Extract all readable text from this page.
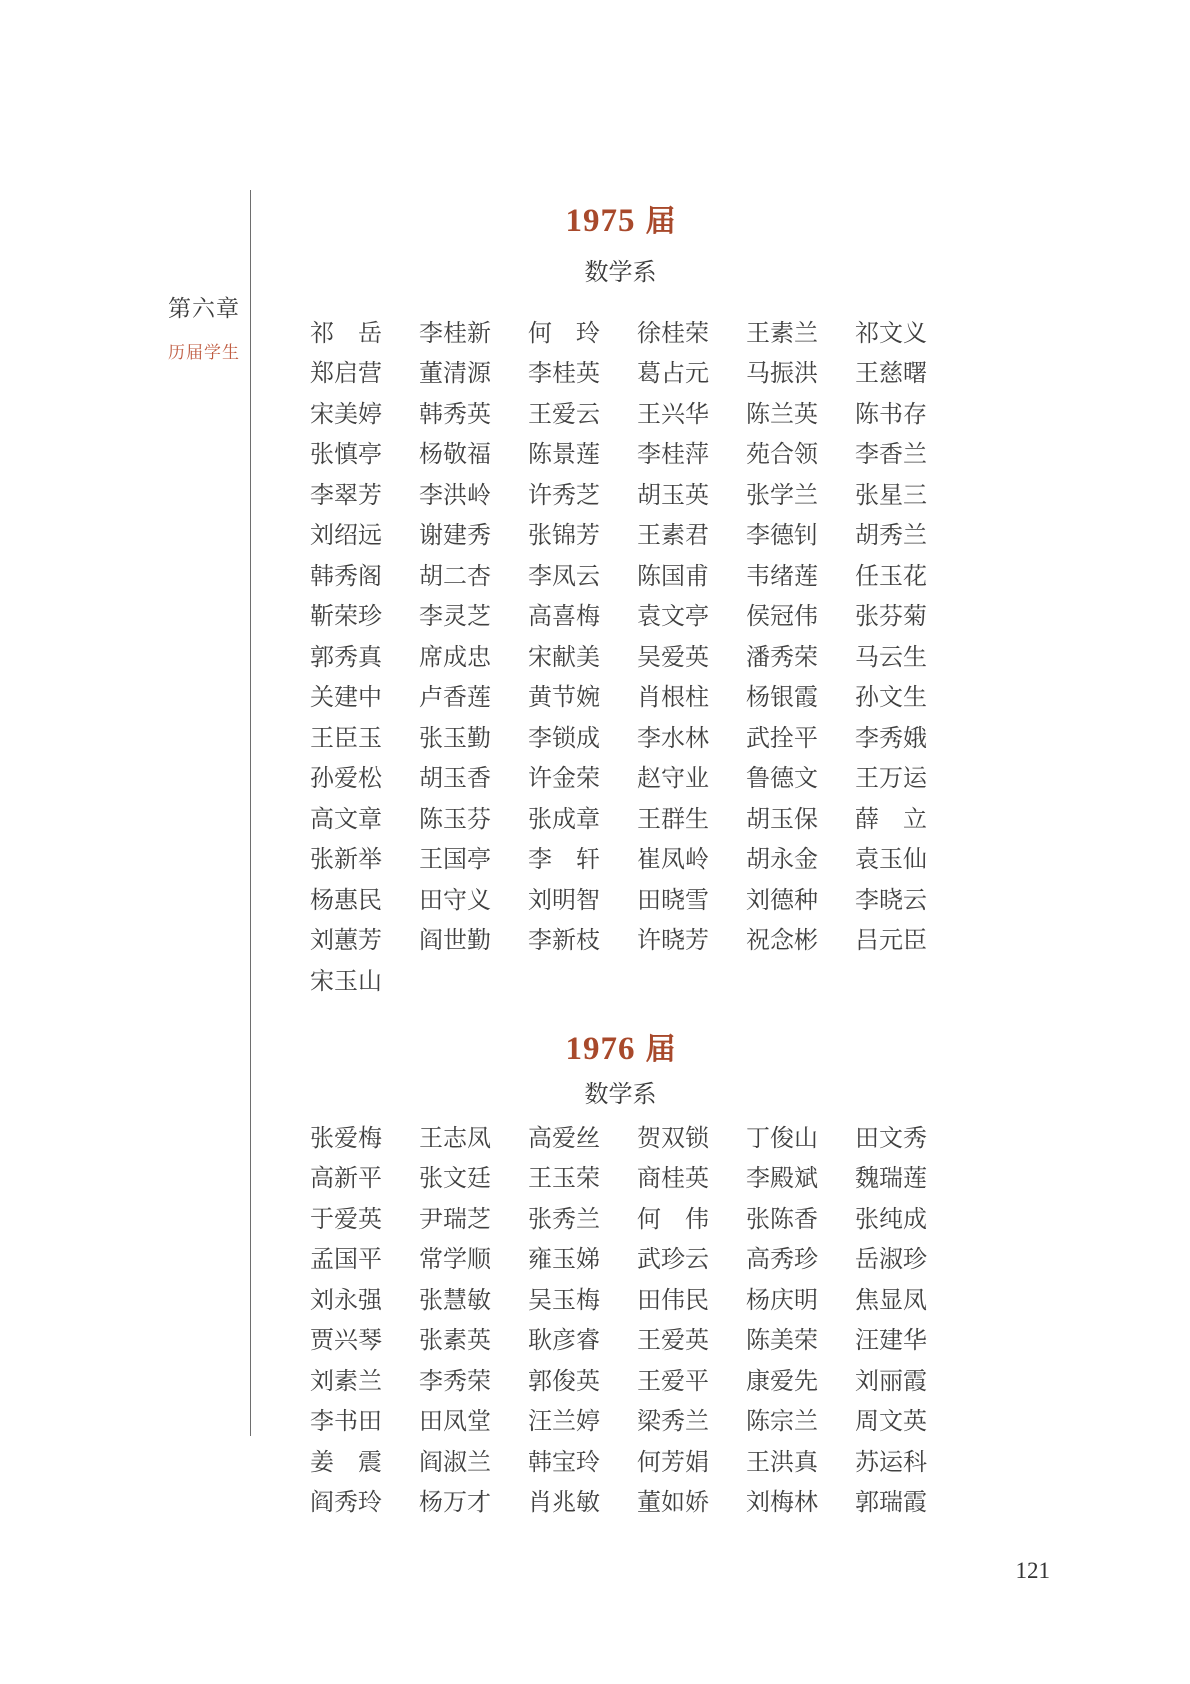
第六章
历届学生
1975 届
数学系
祁　岳 李桂新 何　玲 徐桂荣 王素兰 祁文义
郑启营 董清源 李桂英 葛占元 马振洪 王慈曙
宋美婷 韩秀英 王爱云 王兴华 陈兰英 陈书存
张慎亭 杨敬福 陈景莲 李桂萍 苑合领 李香兰
李翠芳 李洪岭 许秀芝 胡玉英 张学兰 张星三
刘绍远 谢建秀 张锦芳 王素君 李德钊 胡秀兰
韩秀阁 胡二杏 李凤云 陈国甫 韦绪莲 任玉花
靳荣珍 李灵芝 高喜梅 袁文亭 侯冠伟 张芬菊
郭秀真 席成忠 宋献美 吴爱英 潘秀荣 马云生
关建中 卢香莲 黄节婉 肖根柱 杨银霞 孙文生
王臣玉 张玉勤 李锁成 李水林 武拴平 李秀娥
孙爱松 胡玉香 许金荣 赵守业 鲁德文 王万运
高文章 陈玉芬 张成章 王群生 胡玉保 薛　立
张新举 王国亭 李　轩 崔凤岭 胡永金 袁玉仙
杨惠民 田守义 刘明智 田晓雪 刘德种 李晓云
刘蕙芳 阎世勤 李新枝 许晓芳 祝念彬 吕元臣
宋玉山
1976 届
数学系
张爱梅 王志凤 高爱丝 贺双锁 丁俊山 田文秀
高新平 张文廷 王玉荣 商桂英 李殿斌 魏瑞莲
于爱英 尹瑞芝 张秀兰 何　伟 张陈香 张纯成
孟国平 常学顺 雍玉娣 武珍云 高秀珍 岳淑珍
刘永强 张慧敏 吴玉梅 田伟民 杨庆明 焦显凤
贾兴琴 张素英 耿彦睿 王爱英 陈美荣 汪建华
刘素兰 李秀荣 郭俊英 王爱平 康爱先 刘丽霞
李书田 田凤堂 汪兰婷 梁秀兰 陈宗兰 周文英
姜　震 阎淑兰 韩宝玲 何芳娟 王洪真 苏运科
阎秀玲 杨万才 肖兆敏 董如娇 刘梅林 郭瑞霞
121
